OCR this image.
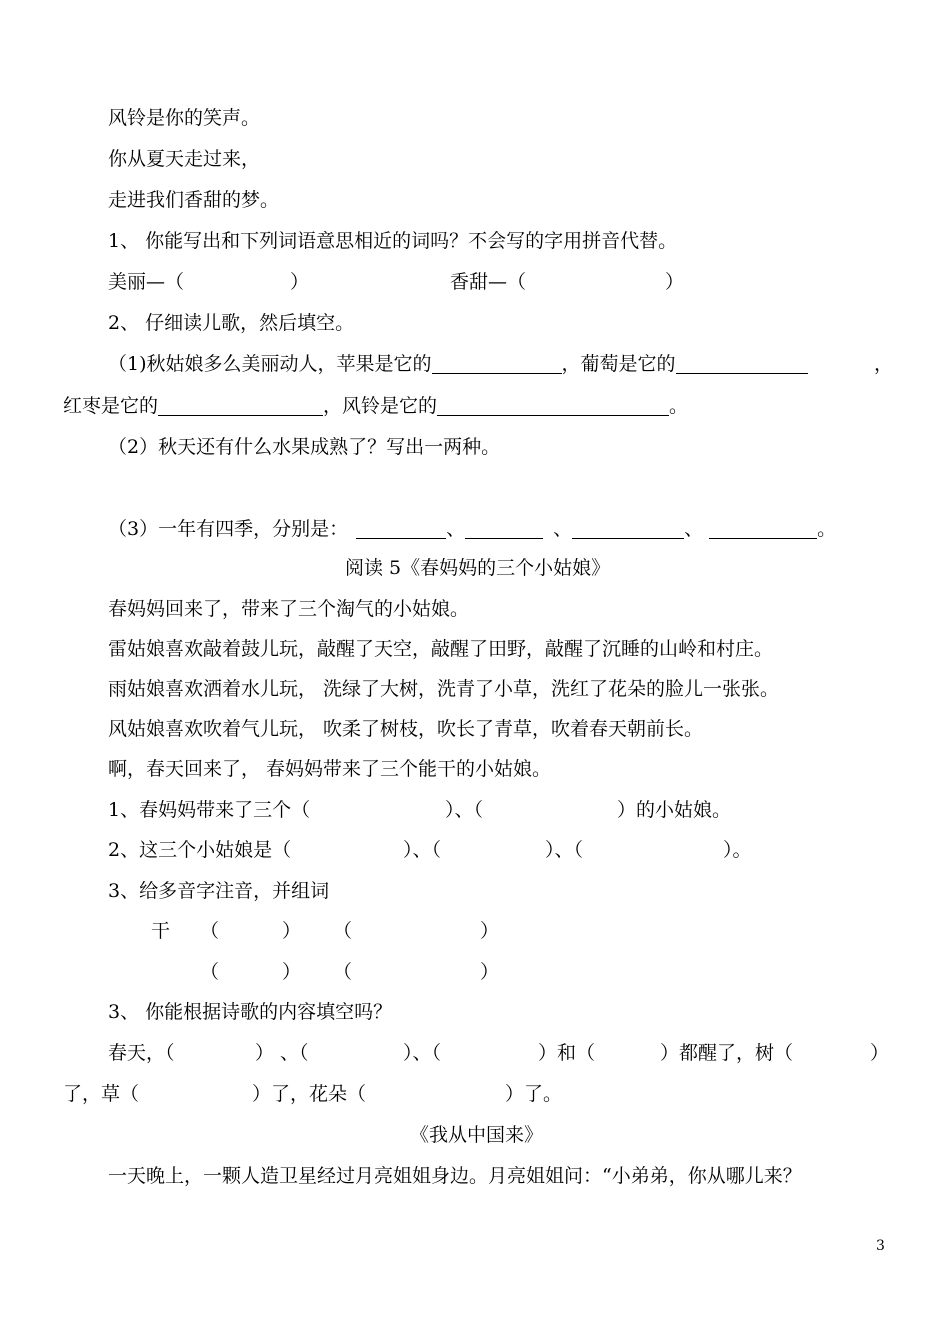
风铃是你的笑声。
你从夏天走过来，
走进我们香甜的梦。
1、 你能写出和下列词语意思相近的词吗？不会写的字用拼音代替。
美丽—（	）	香甜—（	）
2、 仔细读儿歌，然后填空。
（1)秋姑娘多么美丽动人，苹果是它的	，葡萄是它的	，
红枣是它的	，风铃是它的	。
（2）秋天还有什么水果成熟了？写出一两种。
（3）一年有四季，分别是：	、	、	、	。
阅读 5《春妈妈的三个小姑娘》
春妈妈回来了，带来了三个淘气的小姑娘。
雷姑娘喜欢敲着鼓儿玩，敲醒了天空，敲醒了田野，敲醒了沉睡的山岭和村庄。
雨姑娘喜欢洒着水儿玩， 洗绿了大树，洗青了小草，洗红了花朵的脸儿一张张。
风姑娘喜欢吹着气儿玩， 吹柔了树枝，吹长了青草，吹着春天朝前长。
啊，春天回来了， 春妈妈带来了三个能干的小姑娘。
1、春妈妈带来了三个（	）、（	）的小姑娘。
2、这三个小姑娘是（	）、（	）、（	）。
3、给多音字注音，并组词
干 （	） （	）
（	） （	）
3、 你能根据诗歌的内容填空吗？
春天，（	） 、（	）、（	）和（	）都醒了，树（	）
了，草（	）了，花朵（	）了。
《我从中国来》
一天晚上，一颗人造卫星经过月亮姐姐身边。月亮姐姐问：“小弟弟，你从哪儿来？
3
